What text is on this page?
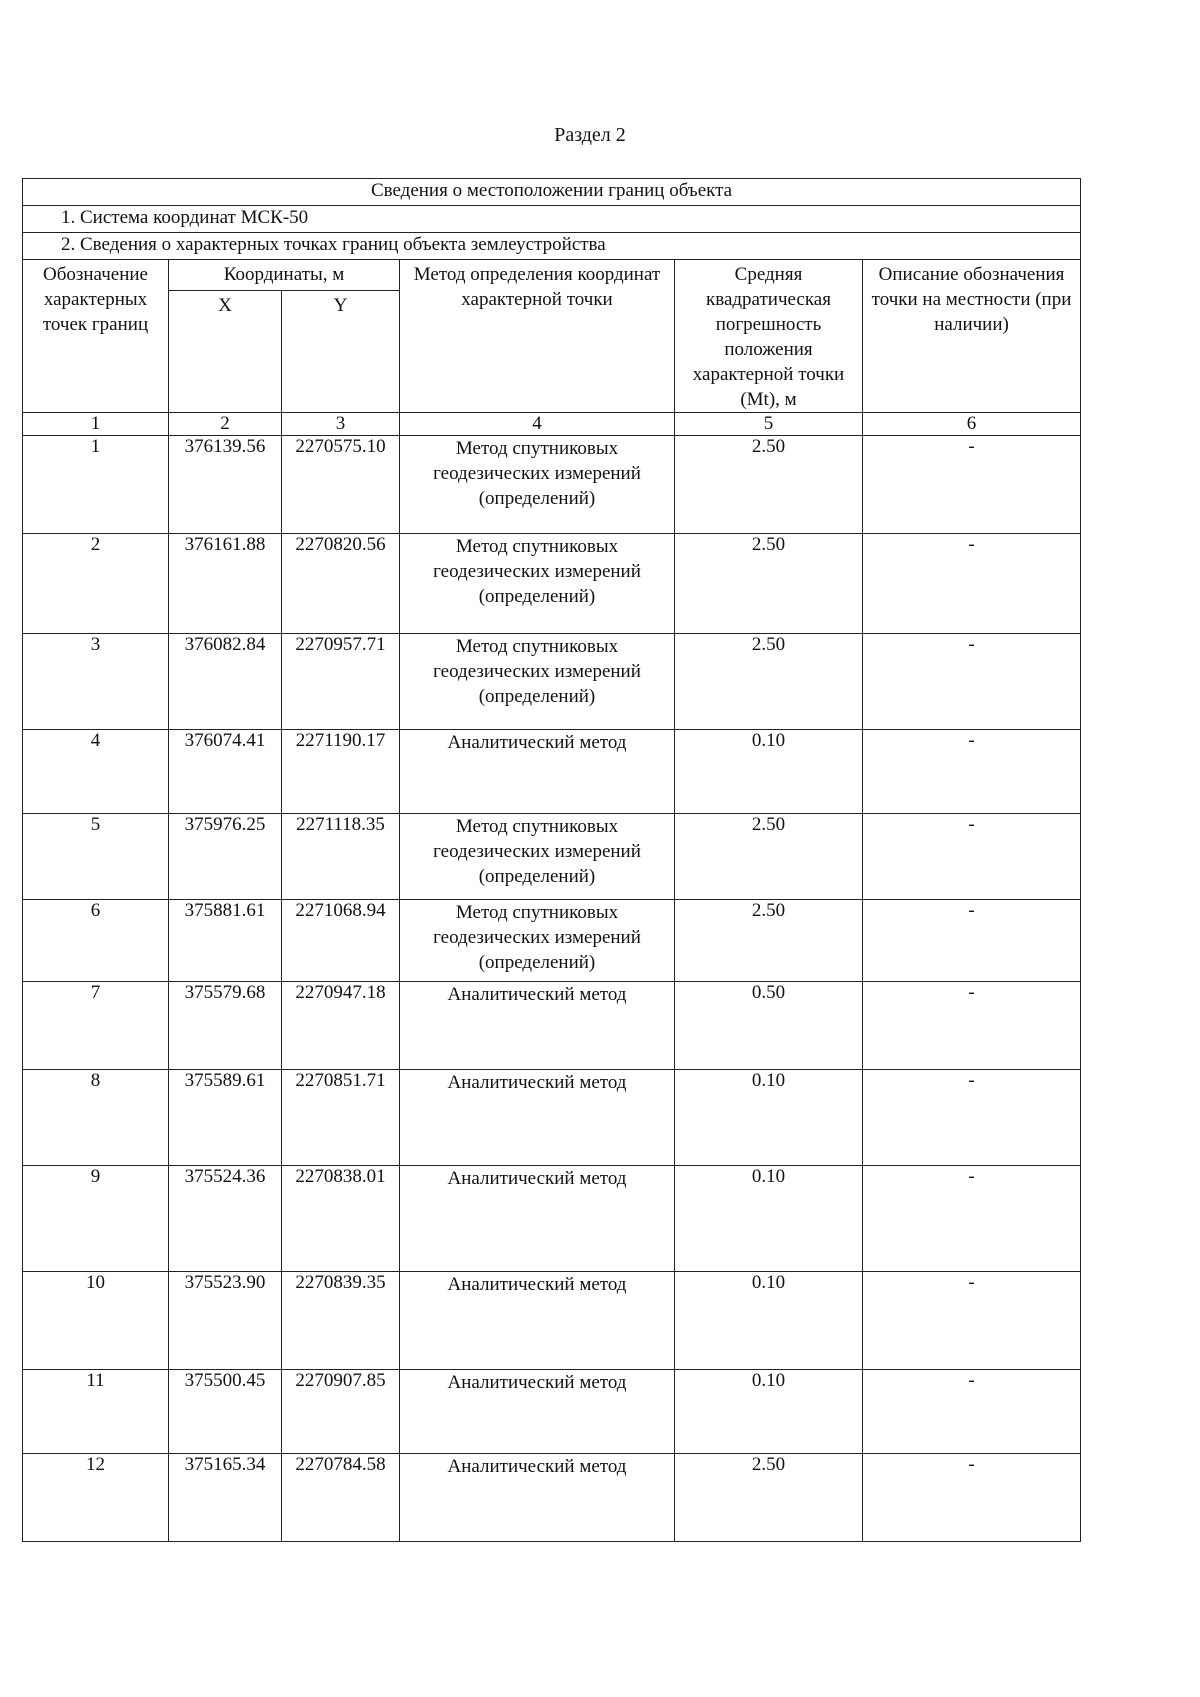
Раздел 2
Сведения о местоположении границ объекта					
1. Система координат МСК-50					
2. Сведения о характерных точках границ объекта землеустройства					
Обозначение характерных точек границ	Координаты, м		Метод определения координат характерной точки	Средняя квадратическая погрешность положения характерной точки (Mt), м	Описание обозначения точки на местности (при наличии)
	X	Y			
1	2	3	4	5	6
1	376139.56	2270575.10	Метод спутниковых геодезических измерений (определений)	2.50	-
2	376161.88	2270820.56	Метод спутниковых геодезических измерений (определений)	2.50	-
3	376082.84	2270957.71	Метод спутниковых геодезических измерений (определений)	2.50	-
4	376074.41	2271190.17	Аналитический метод	0.10	-
5	375976.25	2271118.35	Метод спутниковых геодезических измерений (определений)	2.50	-
6	375881.61	2271068.94	Метод спутниковых геодезических измерений (определений)	2.50	-
7	375579.68	2270947.18	Аналитический метод	0.50	-
8	375589.61	2270851.71	Аналитический метод	0.10	-
9	375524.36	2270838.01	Аналитический метод	0.10	-
10	375523.90	2270839.35	Аналитический метод	0.10	-
11	375500.45	2270907.85	Аналитический метод	0.10	-
12	375165.34	2270784.58	Аналитический метод	2.50	-
